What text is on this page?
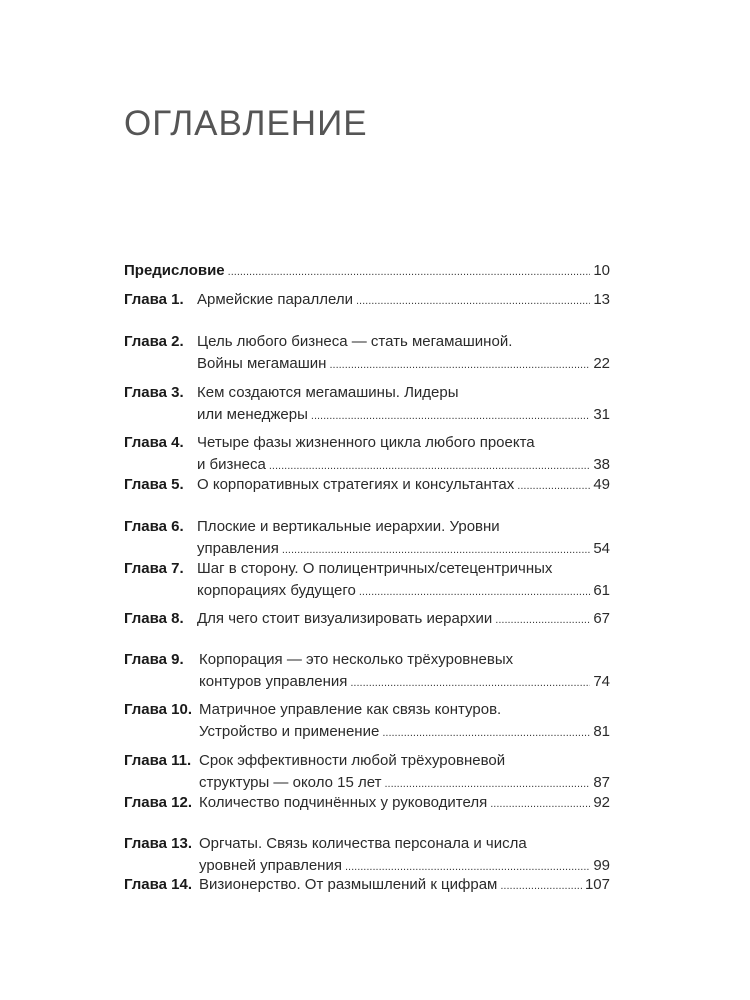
ОГЛАВЛЕНИЕ
Предисловие .....	10
Глава 1. Армейские параллели .....	13
Глава 2. Цель любого бизнеса — стать мегамашиной.
Войны мегамашин .....	22
Глава 3. Кем создаются мегамашины. Лидеры
или менеджеры .....	31
Глава 4. Четыре фазы жизненного цикла любого проекта
и бизнеса .....	38
Глава 5. О корпоративных стратегиях и консультантах .....	49
Глава 6. Плоские и вертикальные иерархии. Уровни
управления .....	54
Глава 7. Шаг в сторону. О полицентричных/сетецентричных
корпорациях будущего .....	61
Глава 8. Для чего стоит визуализировать иерархии .....	67
Глава 9.	Корпорация — это несколько трёхуровневых
контуров управления .....	74
Глава 10. Матричное управление как связь контуров.
Устройство и применение .....	81
Глава 11. Срок эффективности любой трёхуровневой
структуры — около 15 лет .....	87
Глава 12. Количество подчинённых у руководителя .....	92
Глава 13. Оргчаты. Связь количества персонала и числа
уровней управления .....	99
Глава 14. Визионерство. От размышлений к цифрам .....	107
